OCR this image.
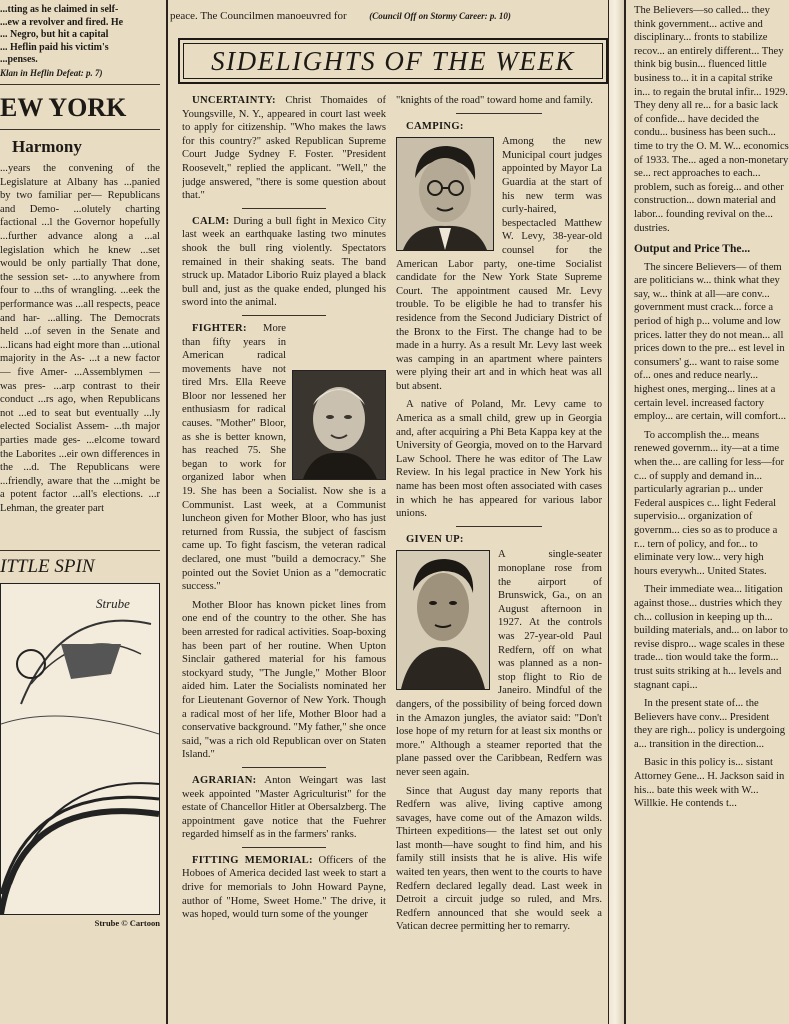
...tting as he claimed in self-
...ew a revolver and fired. He
... Negro, but hit a capital
... Heflin paid his victim's
...penses.
Klan in Heflin Defeat: p. 7)
EW YORK
Harmony
...years the convening of the Legislature at Albany has ...panied by two familiar per— Republicans and Demo- ...olutely charting factional ...l the Governor hopefully ...further advance along a ...al legislation which he knew ...set would be only partially That done, the session set- ...to anywhere from four to ...ths of wrangling. ...eek the performance was ...all respects, peace and har- ...alling. The Democrats held ...of seven in the Senate and ...licans had eight more than ...utional majority in the As- ...t a new factor — five Amer- ...Assemblymen — was pres- ...arp contrast to their conduct ...rs ago, when Republicans not ...ed to seat but eventually ...ly elected Socialist Assem- ...th major parties made ges- ...elcome toward the Laborites ...eir own differences in the ...d. The Republicans were ...friendly, aware that the ...might be a potent factor ...all's elections. ...r Lehman, the greater part
ITTLE SPIN
Strube
Strube © Cartoon
peace. The Councilmen manoeuvred for	(Council Off on Stormy Career: p. 10)
SIDELIGHTS OF THE WEEK

UNCERTAINTY: Christ Thomaides of Youngsville, N. Y., appeared in court last week to apply for citizenship. "Who makes the laws for this country?" asked Republican Supreme Court Judge Sydney F. Foster. "President Roosevelt," replied the applicant. "Well," the judge answered, "there is some question about that."

CALM: During a bull fight in Mexico City last week an earthquake lasting two minutes shook the bull ring violently. Spectators remained in their shaking seats. The band struck up. Matador Liborio Ruiz played a black bull and, just as the quake ended, plunged his sword into the animal.

FIGHTER: More than fifty years in American radical movements have not tired Mrs. Ella Reeve Bloor nor lessened her enthusiasm for radical causes. "Mother" Bloor, as she is better known, has reached 75. She began to work for organized labor when 19. She has been a Socialist. Now she is a Communist. Last week, at a Communist luncheon given for Mother Bloor, who has just returned from Russia, the subject of fascism came up. To fight fascism, the veteran radical declared, one must "build a democracy." She pointed out the Soviet Union as a "democratic success."

Mother Bloor has known picket lines from one end of the country to the other. She has been arrested for radical activities. Soap-boxing has been part of her routine. When Upton Sinclair gathered material for his famous stockyard study, "The Jungle," Mother Bloor aided him. Later the Socialists nominated her for Lieutenant Governor of New York. Though a radical most of her life, Mother Bloor had a conservative background. "My father," she once said, "was a rich old Republican over on Staten Island."

AGRARIAN: Anton Weingart was last week appointed "Master Agriculturist" for the estate of Chancellor Hitler at Obersalzberg. The appointment gave notice that the Fuehrer regarded himself as in the farmers' ranks.

FITTING MEMORIAL: Officers of the Hoboes of America decided last week to start a drive for memorials to John Howard Payne, author of "Home, Sweet Home." The drive, it was hoped, would turn some of the younger

"knights of the road" toward home and family.

CAMPING:

Among the new Municipal court judges appointed by Mayor La Guardia at the start of his new term was curly-haired, bespectacled Matthew W. Levy, 38-year-old counsel for the American Labor party, one-time Socialist candidate for the New York State Supreme Court. The appointment caused Mr. Levy trouble. To be eligible he had to transfer his residence from the Second Judiciary District of the Bronx to the First. The change had to be made in a hurry. As a result Mr. Levy last week was camping in an apartment where painters were plying their art and in which heat was all but absent.

A native of Poland, Mr. Levy came to America as a small child, grew up in Georgia and, after acquiring a Phi Beta Kappa key at the University of Georgia, moved on to the Harvard Law School. There he was editor of The Law Review. In his legal practice in New York his name has been most often associated with cases in which he has appeared for various labor unions.

GIVEN UP:

A single-seater monoplane rose from the airport of Brunswick, Ga., on an August afternoon in 1927. At the controls was 27-year-old Paul Redfern, off on what was planned as a non-stop flight to Rio de Janeiro. Mindful of the dangers, of the possibility of being forced down in the Amazon jungles, the aviator said: "Don't lose hope of my return for at least six months or more." Although a steamer reported that the plane passed over the Caribbean, Redfern was never seen again.

Since that August day many reports that Redfern was alive, living captive among savages, have come out of the Amazon wilds. Thirteen expeditions— the latest set out only last month—have sought to find him, and his family still insists that he is alive. His wife waited ten years, then went to the courts to have Redfern declared legally dead. Last week in Detroit a circuit judge so ruled, and Mrs. Redfern announced that she would seek a Vatican decree permitting her to remarry.

The Believers—so called... they think government... active and disciplinary... fronts to stabilize recov... an entirely different... They think big busin... fluenced little business to... it in a capital strike in... to regain the brutal infir... 1929. They deny all re... for a basic lack of confide... have decided the condu... business has been such... time to try the O. M. W... economics of 1933. The... aged a non-monetary se... rect approaches to each... problem, such as foreig... and other construction... down material and labor... founding revival on the... dustries.

Output and Price The...

The sincere Believers— of them are politicians w... think what they say, w... think at all—are conv... government must crack... force a period of high p... volume and low prices. latter they do not mean... all prices down to the pre... est level in consumers' g... want to raise some of... ones and reduce nearly... highest ones, merging... lines at a certain level. increased factory employ... are certain, will comfort...

To accomplish the... means renewed governm... ity—at a time when the... are calling for less—for c... of supply and demand in... particularly agrarian p... under Federal auspices c... light Federal supervisio... organization of governm... cies so as to produce a r... tern of policy, and for... to eliminate very low... very high hours everywh... United States.

Their immediate wea... litigation against those... dustries which they ch... collusion in keeping up th... building materials, and... on labor to revise dispro... wage scales in these trade... tion would take the form... trust suits striking at h... levels and stagnant capi...

In the present state of... the Believers have conv... President they are righ... policy is undergoing a... transition in the direction...

Basic in this policy is... sistant Attorney Gene... H. Jackson said in his... bate this week with W... Willkie. He contends t...
